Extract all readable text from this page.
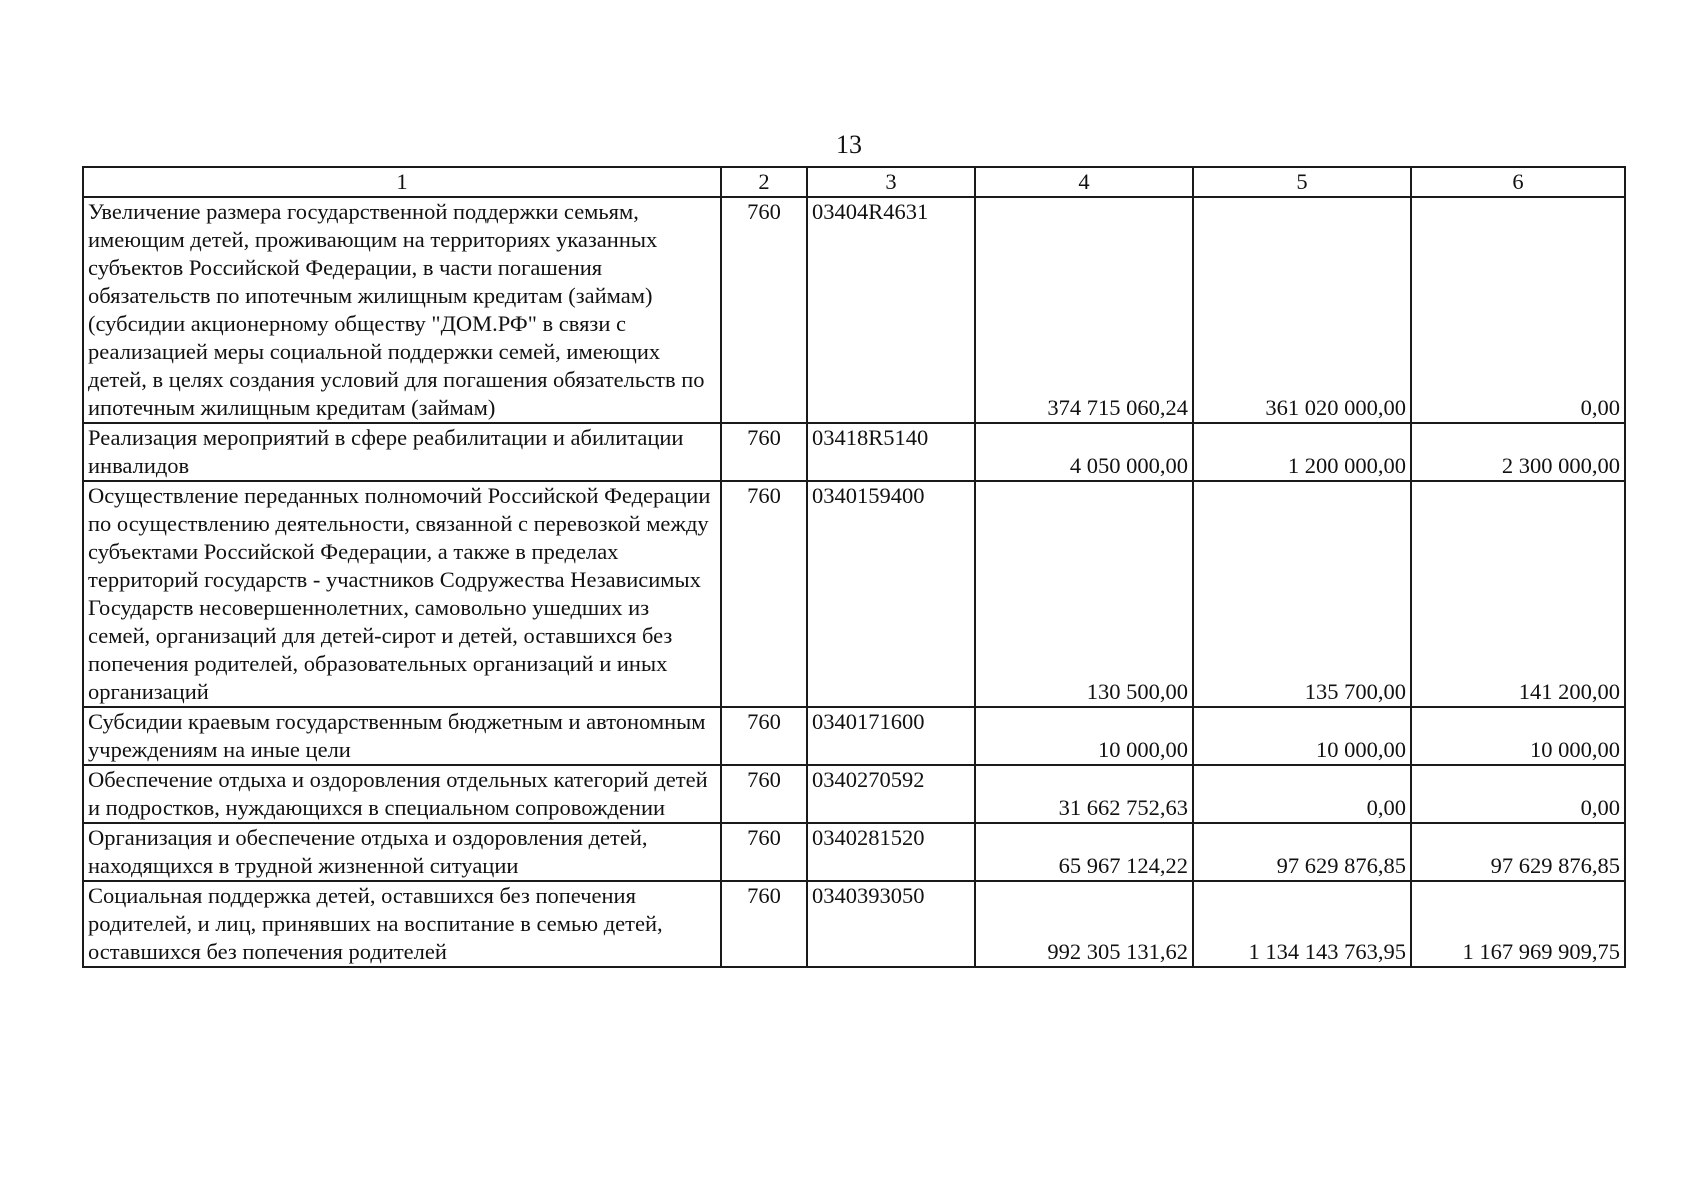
13
1	2	3	4	5	6
Увеличение размера государственной поддержки семьям, имеющим детей, проживающим на территориях указанных субъектов Российской Федерации, в части погашения обязательств по ипотечным жилищным кредитам (займам) (субсидии акционерному обществу "ДОМ.РФ" в связи с реализацией меры социальной поддержки семей, имеющих детей, в целях создания условий для погашения обязательств по ипотечным жилищным кредитам (займам)	760	03404R4631	374 715 060,24	361 020 000,00	0,00
Реализация мероприятий в сфере реабилитации и абилитации инвалидов	760	03418R5140	4 050 000,00	1 200 000,00	2 300 000,00
Осуществление переданных полномочий Российской Федерации по осуществлению деятельности, связанной с перевозкой между субъектами Российской Федерации, а также в пределах территорий государств - участников Содружества Независимых Государств несовершеннолетних, самовольно ушедших из семей, организаций для детей-сирот и детей, оставшихся без попечения родителей, образовательных организаций и иных организаций	760	0340159400	130 500,00	135 700,00	141 200,00
Субсидии краевым государственным бюджетным и автономным учреждениям на иные цели	760	0340171600	10 000,00	10 000,00	10 000,00
Обеспечение отдыха и оздоровления отдельных категорий детей и подростков, нуждающихся в специальном сопровождении	760	0340270592	31 662 752,63	0,00	0,00
Организация и обеспечение отдыха и оздоровления детей, находящихся в трудной жизненной ситуации	760	0340281520	65 967 124,22	97 629 876,85	97 629 876,85
Социальная поддержка детей, оставшихся без попечения родителей, и лиц, принявших на воспитание в семью детей, оставшихся без попечения родителей	760	0340393050	992 305 131,62	1 134 143 763,95	1 167 969 909,75
